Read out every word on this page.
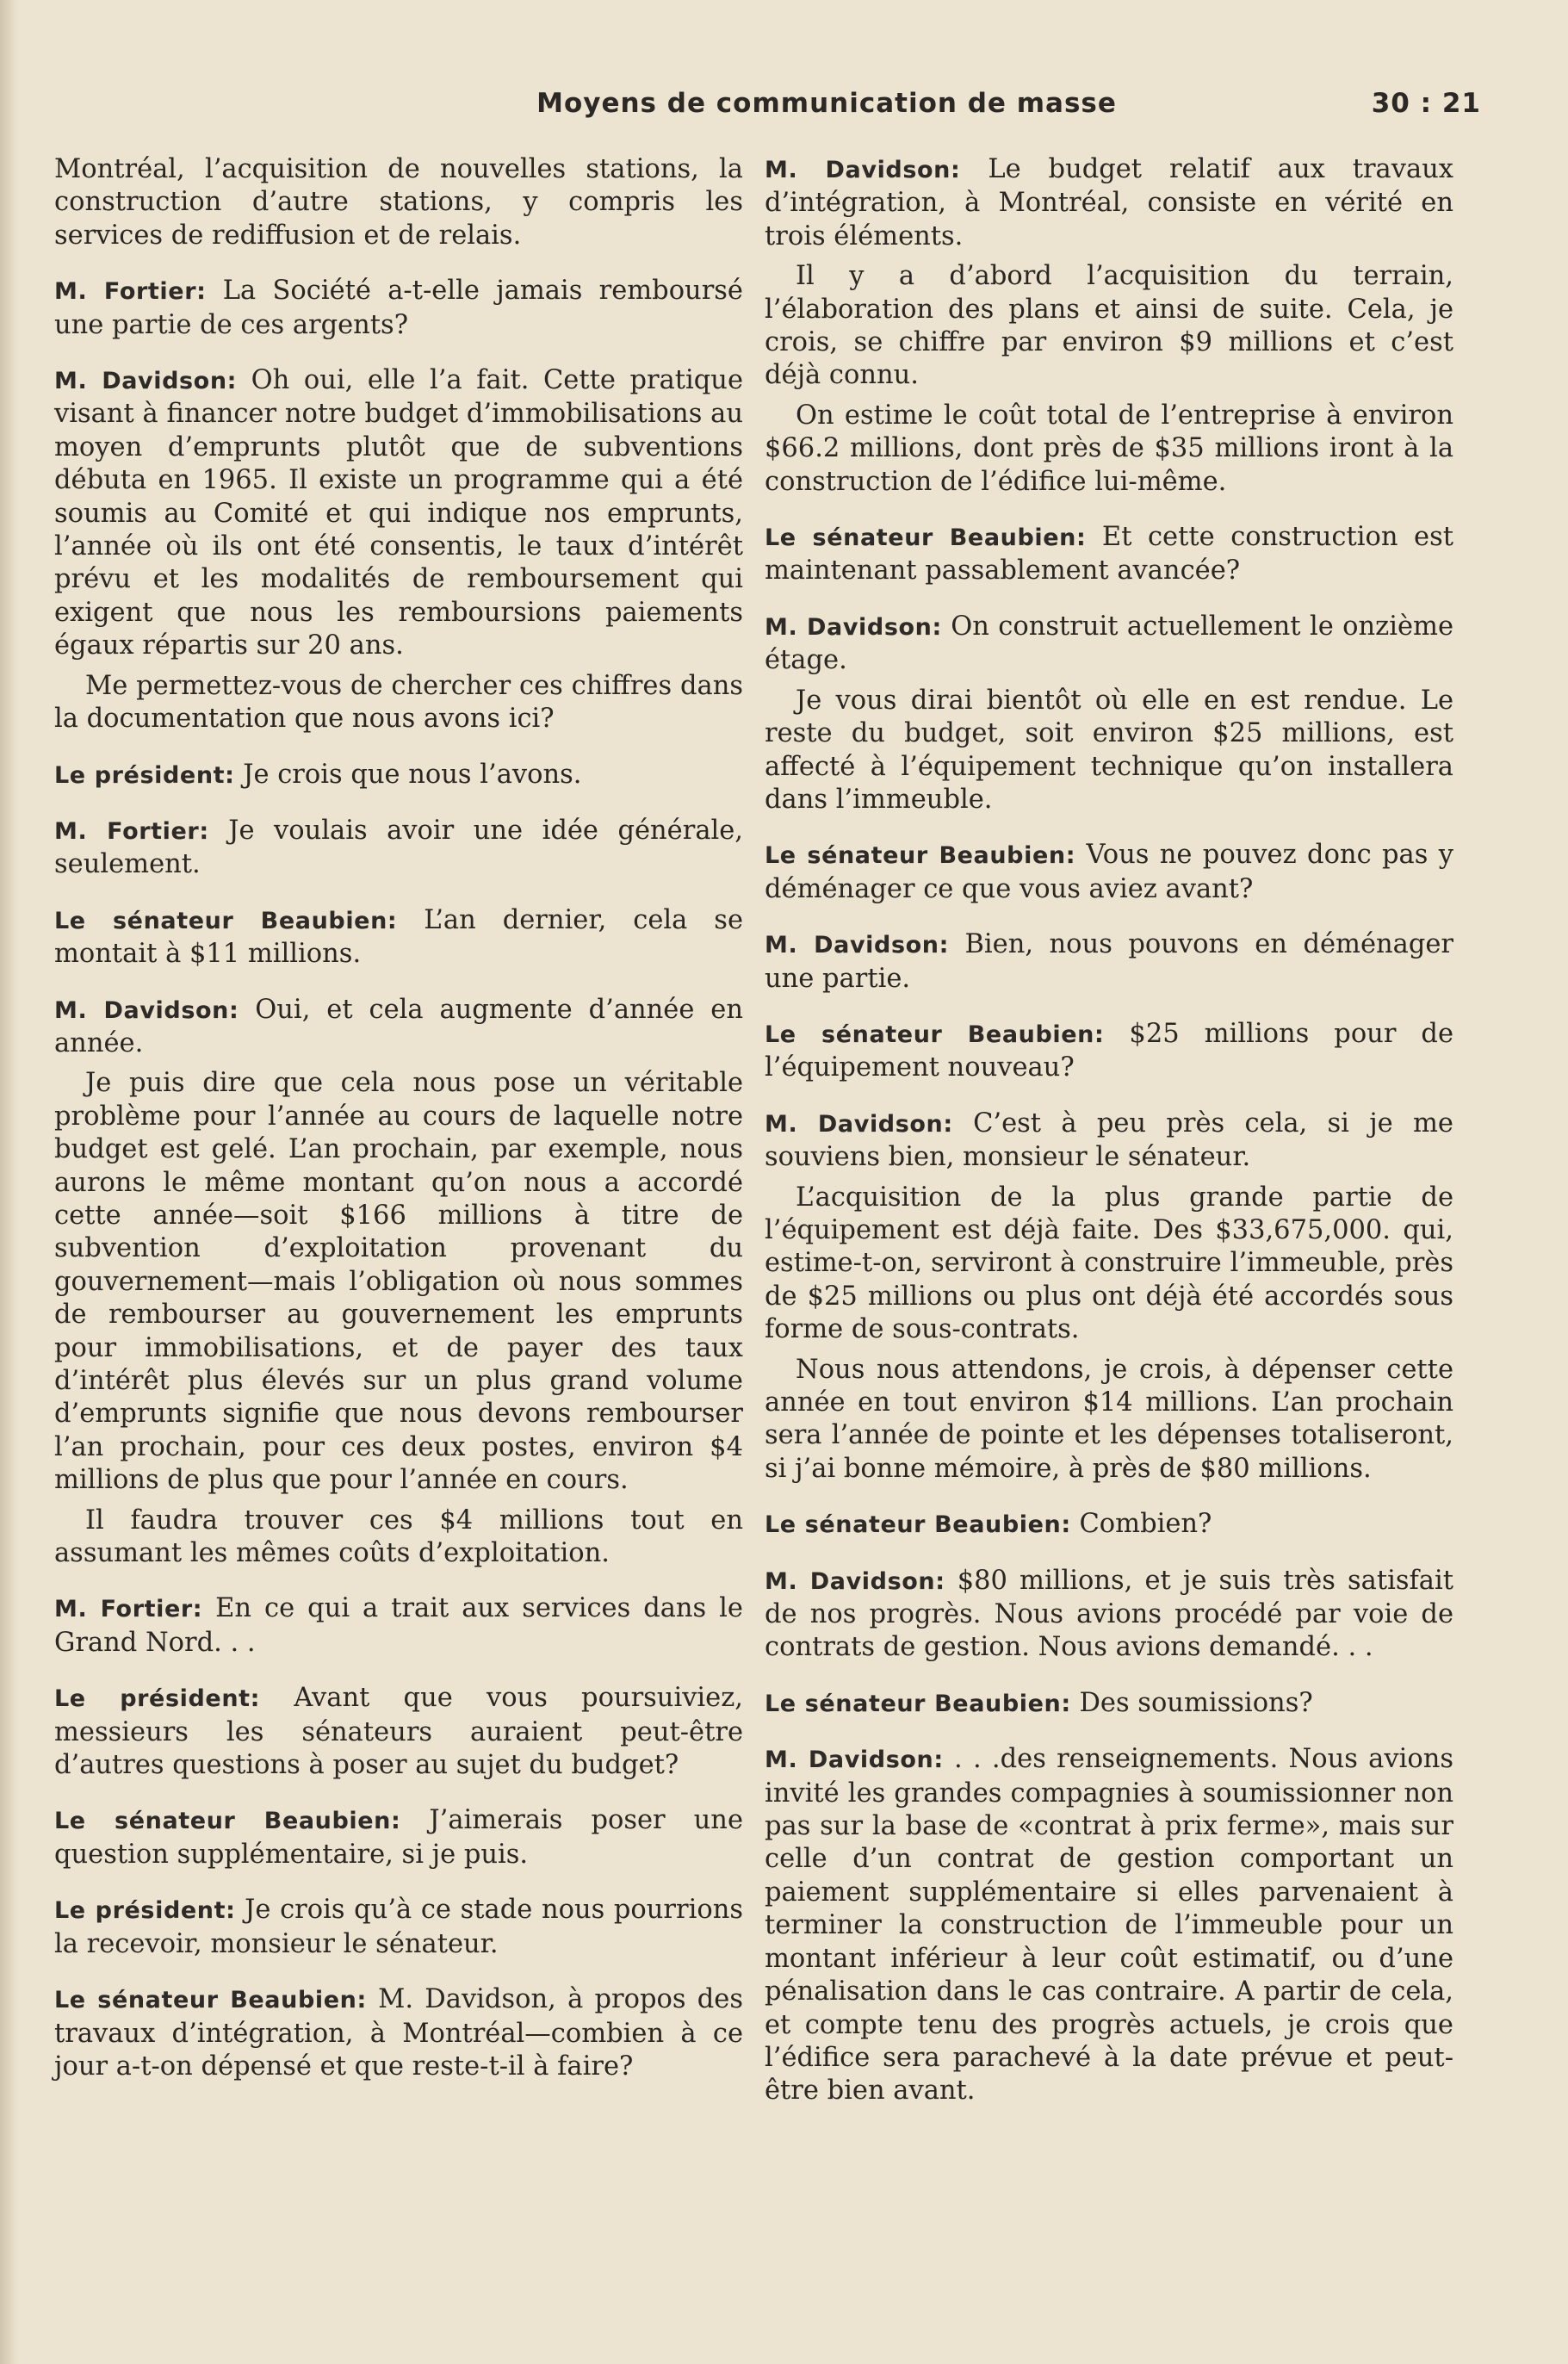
Moyens de communication de masse	30 : 21

Montréal, l’acquisition de nouvelles stations, la construction d’autre stations, y compris les services de rediffusion et de relais.

M. Fortier: La Société a-t-elle jamais remboursé une partie de ces argents?

M. Davidson: Oh oui, elle l’a fait. Cette pratique visant à financer notre budget d’immobilisations au moyen d’emprunts plutôt que de subventions débuta en 1965. Il existe un programme qui a été soumis au Comité et qui indique nos emprunts, l’année où ils ont été consentis, le taux d’intérêt prévu et les modalités de remboursement qui exigent que nous les remboursions paiements égaux répartis sur 20 ans.

Me permettez-vous de chercher ces chiffres dans la documentation que nous avons ici?

Le président: Je crois que nous l’avons.

M. Fortier: Je voulais avoir une idée générale, seulement.

Le sénateur Beaubien: L’an dernier, cela se montait à $11 millions.

M. Davidson: Oui, et cela augmente d’année en année.

Je puis dire que cela nous pose un véritable problème pour l’année au cours de laquelle notre budget est gelé. L’an prochain, par exemple, nous aurons le même montant qu’on nous a accordé cette année—soit $166 millions à titre de subvention d’exploitation provenant du gouvernement—mais l’obligation où nous sommes de rembourser au gouvernement les emprunts pour immobilisations, et de payer des taux d’intérêt plus élevés sur un plus grand volume d’emprunts signifie que nous devons rembourser l’an prochain, pour ces deux postes, environ $4 millions de plus que pour l’année en cours.

Il faudra trouver ces $4 millions tout en assumant les mêmes coûts d’exploitation.

M. Fortier: En ce qui a trait aux services dans le Grand Nord. . .

Le président: Avant que vous poursuiviez, messieurs les sénateurs auraient peut-être d’autres questions à poser au sujet du budget?

Le sénateur Beaubien: J’aimerais poser une question supplémentaire, si je puis.

Le président: Je crois qu’à ce stade nous pourrions la recevoir, monsieur le sénateur.

Le sénateur Beaubien: M. Davidson, à propos des travaux d’intégration, à Montréal—combien à ce jour a-t-on dépensé et que reste-t-il à faire?

M. Davidson: Le budget relatif aux travaux d’intégration, à Montréal, consiste en vérité en trois éléments.

Il y a d’abord l’acquisition du terrain, l’élaboration des plans et ainsi de suite. Cela, je crois, se chiffre par environ $9 millions et c’est déjà connu.

On estime le coût total de l’entreprise à environ $66.2 millions, dont près de $35 millions iront à la construction de l’édifice lui-même.

Le sénateur Beaubien: Et cette construction est maintenant passablement avancée?

M. Davidson: On construit actuellement le onzième étage.

Je vous dirai bientôt où elle en est rendue. Le reste du budget, soit environ $25 millions, est affecté à l’équipement technique qu’on installera dans l’immeuble.

Le sénateur Beaubien: Vous ne pouvez donc pas y déménager ce que vous aviez avant?

M. Davidson: Bien, nous pouvons en déménager une partie.

Le sénateur Beaubien: $25 millions pour de l’équipement nouveau?

M. Davidson: C’est à peu près cela, si je me souviens bien, monsieur le sénateur.

L’acquisition de la plus grande partie de l’équipement est déjà faite. Des $33,675,000. qui, estime-t-on, serviront à construire l’immeuble, près de $25 millions ou plus ont déjà été accordés sous forme de sous-contrats.

Nous nous attendons, je crois, à dépenser cette année en tout environ $14 millions. L’an prochain sera l’année de pointe et les dépenses totaliseront, si j’ai bonne mémoire, à près de $80 millions.

Le sénateur Beaubien: Combien?

M. Davidson: $80 millions, et je suis très satisfait de nos progrès. Nous avions procédé par voie de contrats de gestion. Nous avions demandé. . .

Le sénateur Beaubien: Des soumissions?

M. Davidson: . . .des renseignements. Nous avions invité les grandes compagnies à soumissionner non pas sur la base de «contrat à prix ferme», mais sur celle d’un contrat de gestion comportant un paiement supplémentaire si elles parvenaient à terminer la construction de l’immeuble pour un montant inférieur à leur coût estimatif, ou d’une pénalisation dans le cas contraire. A partir de cela, et compte tenu des progrès actuels, je crois que l’édifice sera parachevé à la date prévue et peut-être bien avant.
